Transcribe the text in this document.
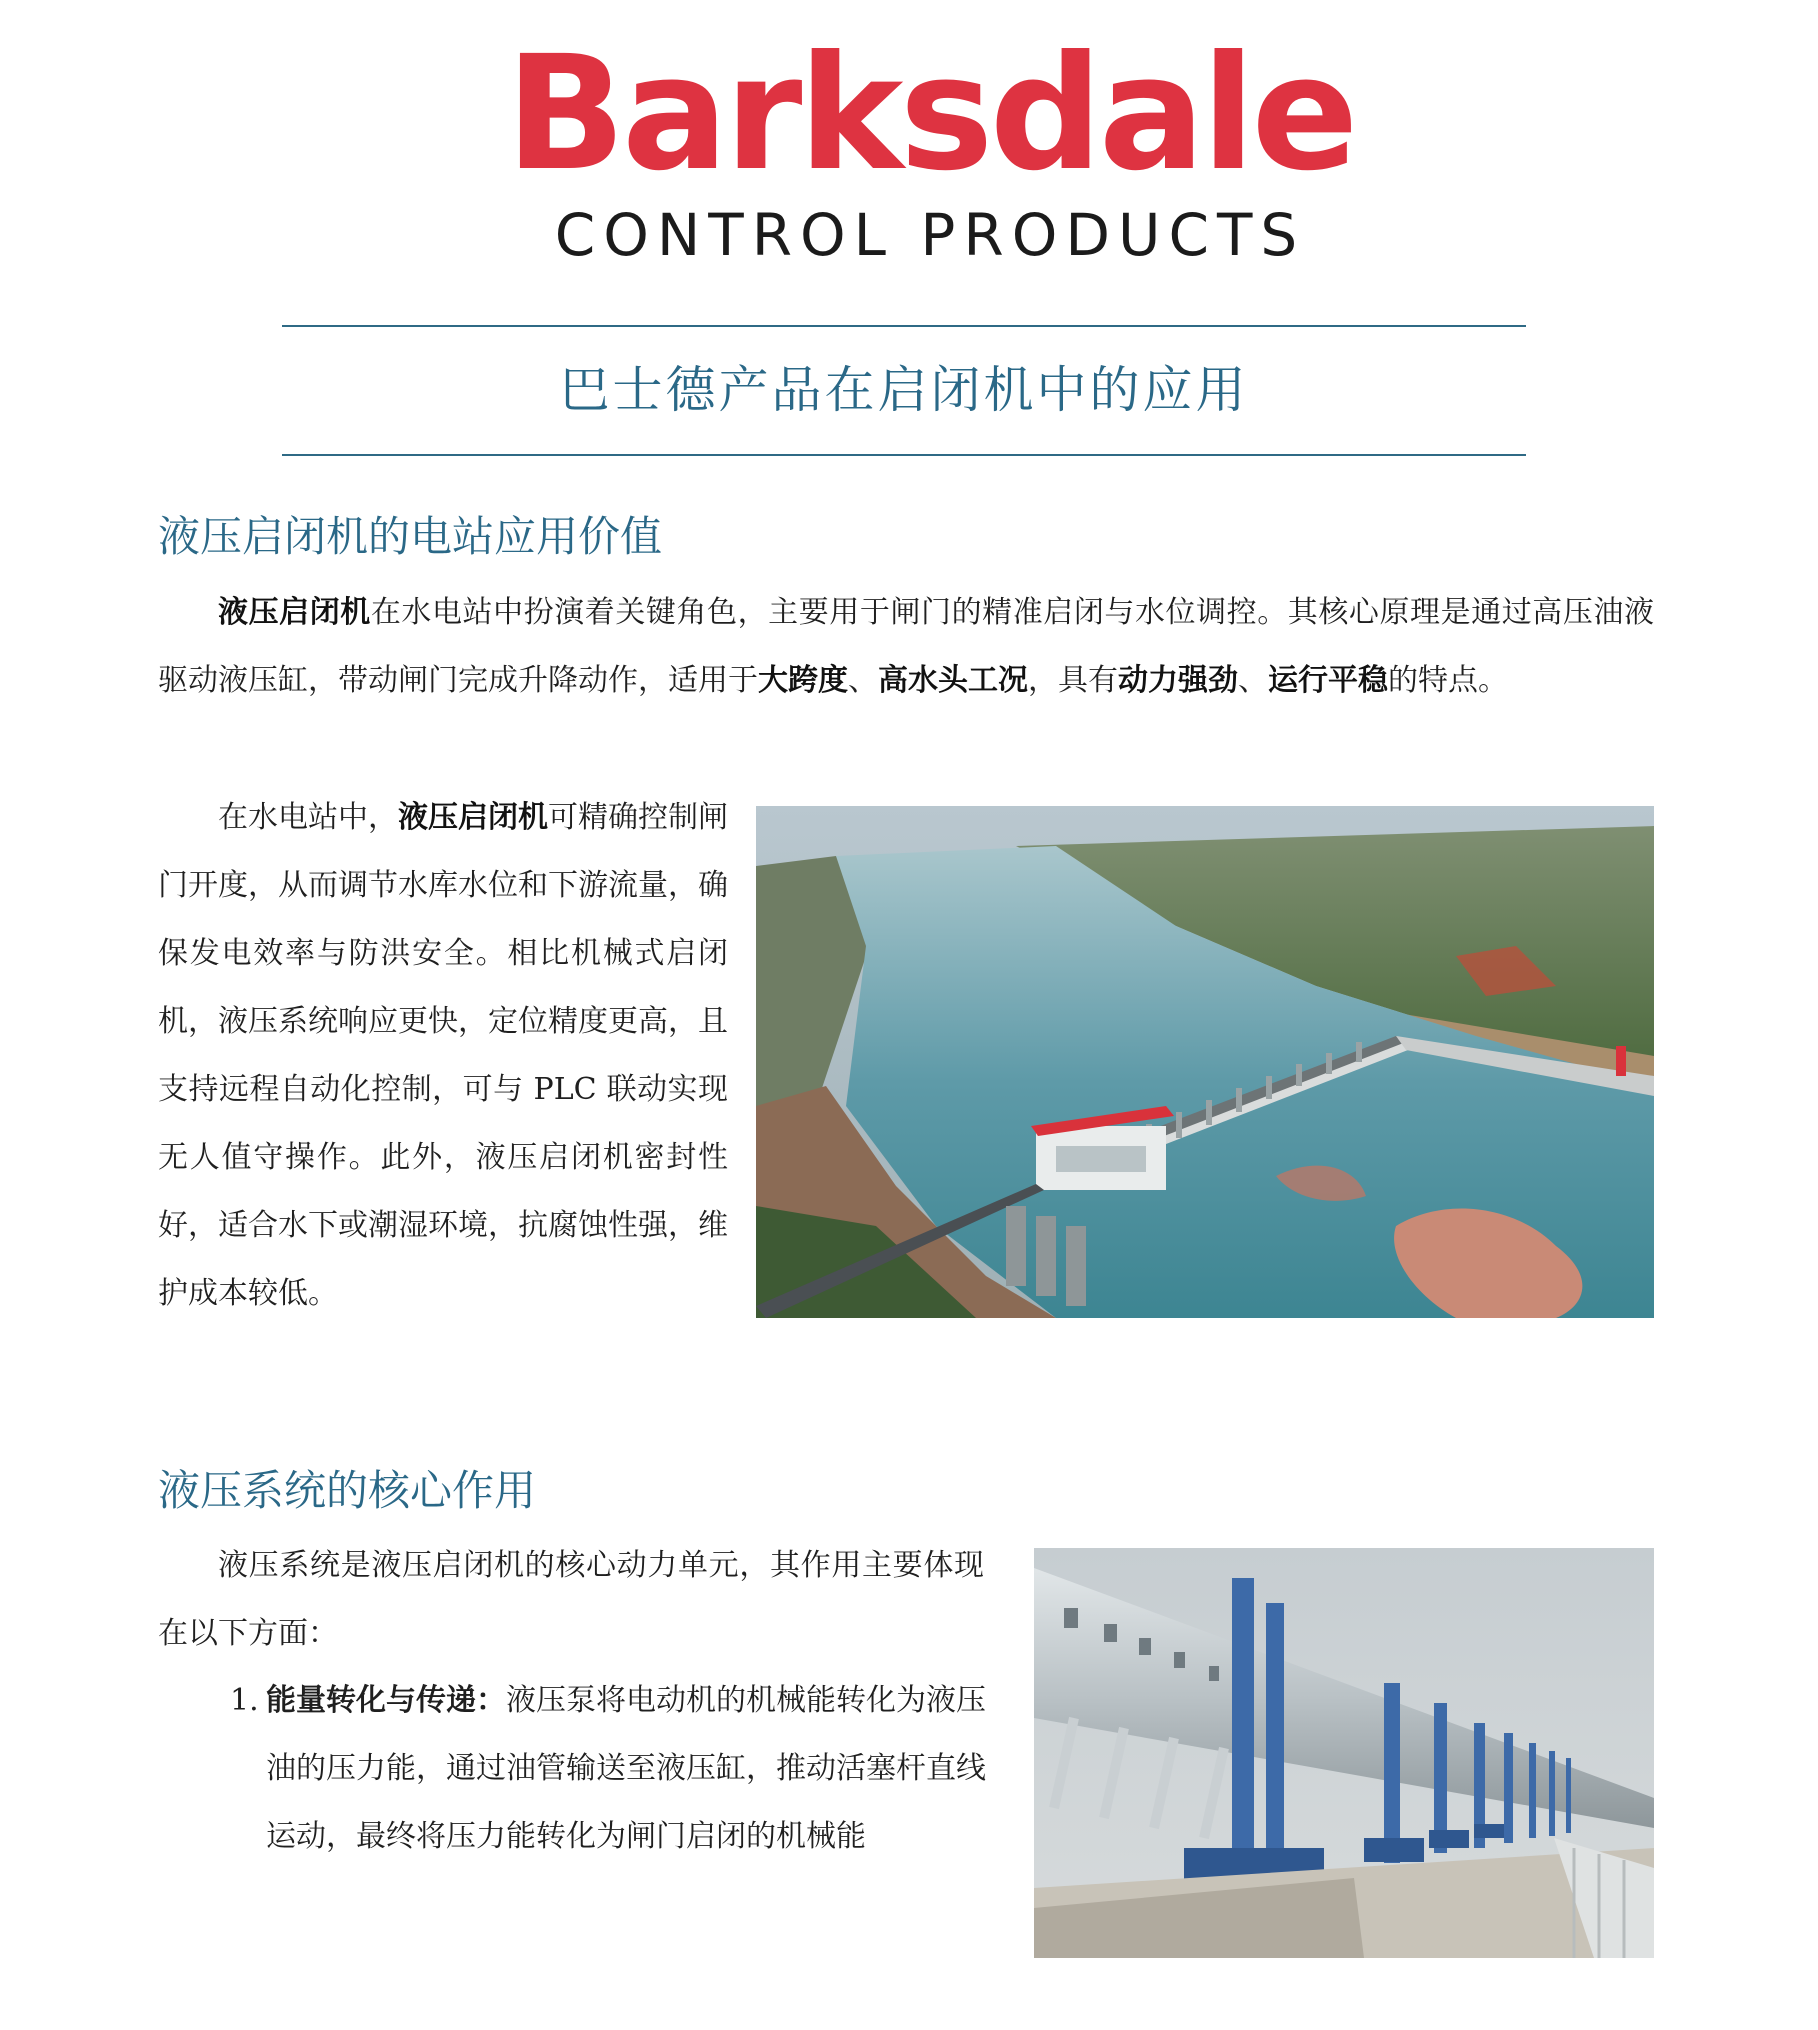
Barksdale
CONTROL PRODUCTS
巴士德产品在启闭机中的应用
液压启闭机的电站应用价值

液压启闭机在水电站中扮演着关键角色，主要用于闸门的精准启闭与水位调控。其核心原理是通过高压油液驱动液压缸，带动闸门完成升降动作，适用于大跨度、高水头工况，具有动力强劲、运行平稳的特点。

在水电站中，液压启闭机可精确控制闸门开度，从而调节水库水位和下游流量，确保发电效率与防洪安全。相比机械式启闭机，液压系统响应更快，定位精度更高，且支持远程自动化控制，可与 PLC 联动实现无人值守操作。此外，液压启闭机密封性好，适合水下或潮湿环境，抗腐蚀性强，维护成本较低。

液压系统的核心作用

液压系统是液压启闭机的核心动力单元，其作用主要体现在以下方面：

1. 能量转化与传递：液压泵将电动机的机械能转化为液压油的压力能，通过油管输送至液压缸，推动活塞杆直线运动，最终将压力能转化为闸门启闭的机械能
